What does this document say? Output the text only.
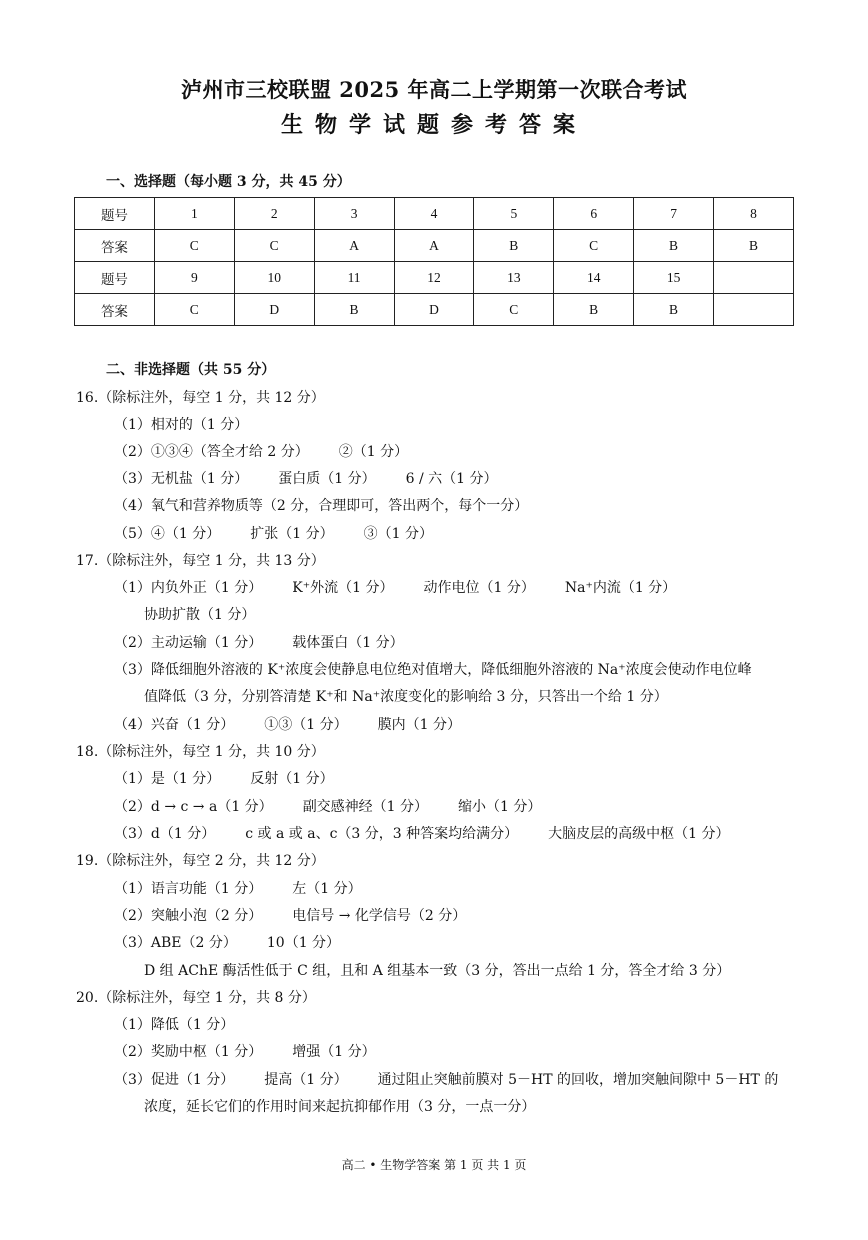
泸州市三校联盟 2025 年高二上学期第一次联合考试
生物学试题参考答案
一、选择题（每小题 3 分，共 45 分）
题号	1	2	3	4	5	6	7	8
答案	C	C	A	A	B	C	B	B
题号	9	10	11	12	13	14	15	
答案	C	D	B	D	C	B	B	
二、非选择题（共 55 分）
16.（除标注外，每空 1 分，共 12 分）
（1）相对的（1 分）
（2）①③④（答全才给 2 分） ②（1 分）
（3）无机盐（1 分） 蛋白质（1 分） 6 / 六（1 分）
（4）氧气和营养物质等（2 分，合理即可，答出两个，每个一分）
（5）④（1 分） 扩张（1 分） ③（1 分）
17.（除标注外，每空 1 分，共 13 分）
（1）内负外正（1 分） K⁺外流（1 分） 动作电位（1 分） Na⁺内流（1 分）
协助扩散（1 分）
（2）主动运输（1 分） 载体蛋白（1 分）
（3）降低细胞外溶液的 K⁺浓度会使静息电位绝对值增大，降低细胞外溶液的 Na⁺浓度会使动作电位峰
值降低（3 分，分别答清楚 K⁺和 Na⁺浓度变化的影响给 3 分，只答出一个给 1 分）
（4）兴奋（1 分） ①③（1 分） 膜内（1 分）
18.（除标注外，每空 1 分，共 10 分）
（1）是（1 分） 反射（1 分）
（2）d → c → a（1 分） 副交感神经（1 分） 缩小（1 分）
（3）d（1 分） c 或 a 或 a、c（3 分，3 种答案均给满分） 大脑皮层的高级中枢（1 分）
19.（除标注外，每空 2 分，共 12 分）
（1）语言功能（1 分） 左（1 分）
（2）突触小泡（2 分） 电信号 → 化学信号（2 分）
（3）ABE（2 分） 10（1 分）
D 组 AChE 酶活性低于 C 组，且和 A 组基本一致（3 分，答出一点给 1 分，答全才给 3 分）
20.（除标注外，每空 1 分，共 8 分）
（1）降低（1 分）
（2）奖励中枢（1 分） 增强（1 分）
（3）促进（1 分） 提高（1 分） 通过阻止突触前膜对 5－HT 的回收，增加突触间隙中 5－HT 的
浓度，延长它们的作用时间来起抗抑郁作用（3 分，一点一分）
高二 • 生物学答案 第 1 页 共 1 页
